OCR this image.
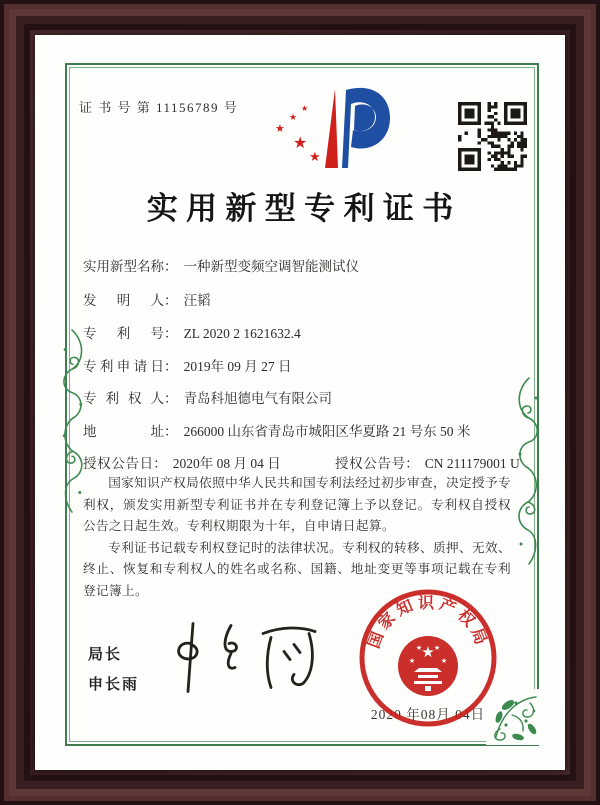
证 书 号 第 11156789 号
★
★
★
★
★
实用新型专利证书
实用新型名称： 一种新型变频空调智能测试仪
发明人： 汪韬
专利号： ZL 2020 2 1621632.4
专利申请日： 2019年 09 月 27 日
专利权人： 青岛科旭德电气有限公司
地址： 266000 山东省青岛市城阳区华夏路 21 号东 50 米
授权公告日： 2020年 08 月 04 日	授权公告号： CN 211179001 U

国家知识产权局依照中华人民共和国专利法经过初步审查，决定授予专利权，颁发实用新型专利证书并在专利登记簿上予以登记。专利权自授权公告之日起生效。专利权期限为十年，自申请日起算。

专利证书记载专利权登记时的法律状况。专利权的转移、质押、无效、终止、恢复和专利权人的姓名或名称、国籍、地址变更等事项记载在专利登记簿上。

局长
申长雨
2020 年08月 04日
国家知识产权局
★
★
★ ★
★
